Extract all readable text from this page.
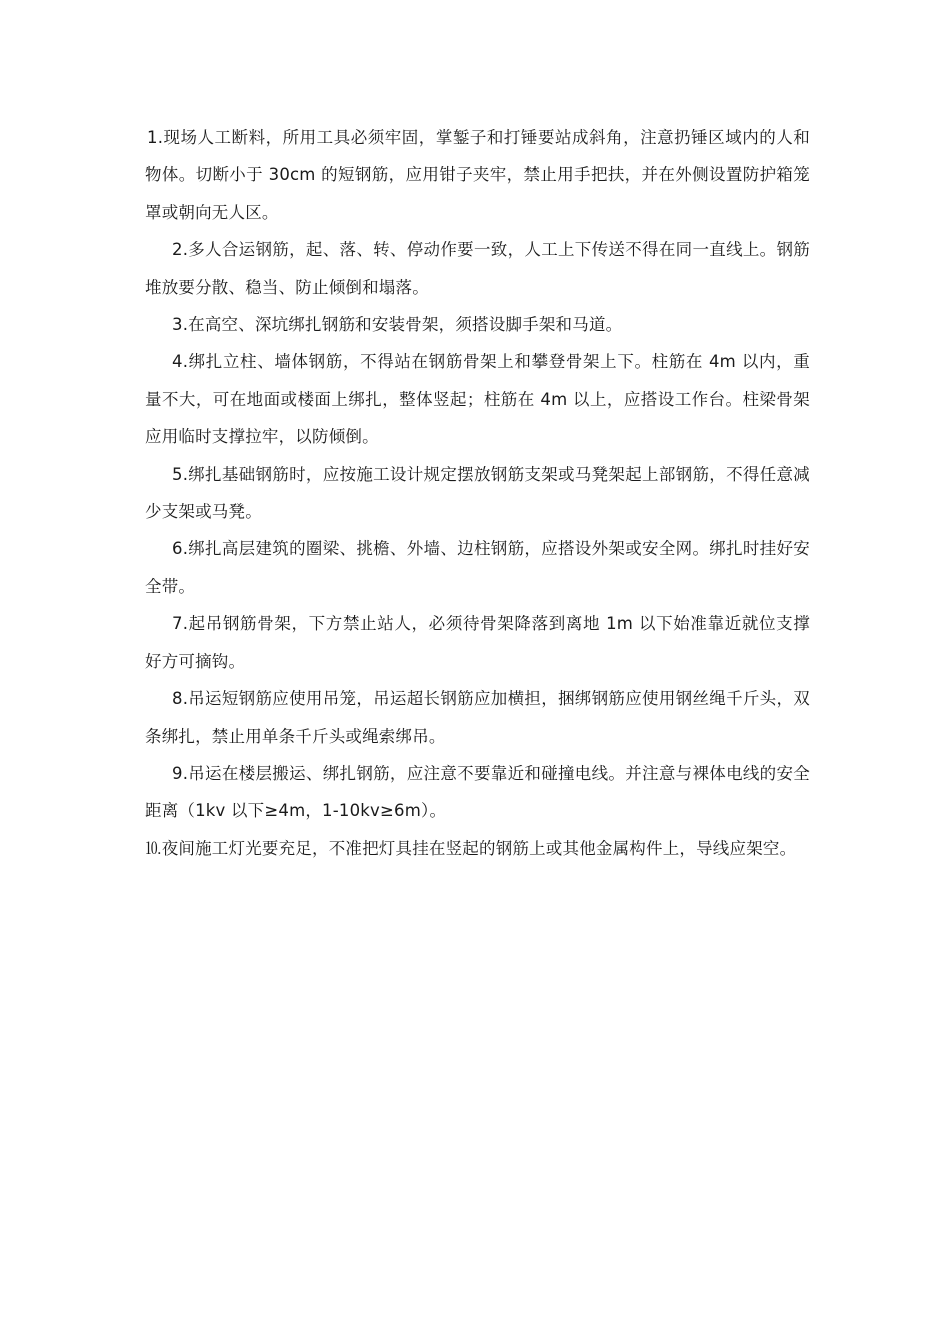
1.现场人工断料，所用工具必须牢固，掌錾子和打锤要站成斜角，注意扔锤区域内的人和物体。切断小于 30cm 的短钢筋，应用钳子夹牢，禁止用手把扶，并在外侧设置防护箱笼罩或朝向无人区。

2.多人合运钢筋，起、落、转、停动作要一致，人工上下传送不得在同一直线上。钢筋堆放要分散、稳当、防止倾倒和塌落。

3.在高空、深坑绑扎钢筋和安装骨架，须搭设脚手架和马道。

4.绑扎立柱、墙体钢筋，不得站在钢筋骨架上和攀登骨架上下。柱筋在 4m 以内，重量不大，可在地面或楼面上绑扎，整体竖起；柱筋在 4m 以上，应搭设工作台。柱梁骨架应用临时支撑拉牢，以防倾倒。

5.绑扎基础钢筋时，应按施工设计规定摆放钢筋支架或马凳架起上部钢筋，不得任意减少支架或马凳。

6.绑扎高层建筑的圈梁、挑檐、外墙、边柱钢筋，应搭设外架或安全网。绑扎时挂好安全带。

7.起吊钢筋骨架，下方禁止站人，必须待骨架降落到离地 1m 以下始准靠近就位支撑好方可摘钩。

8.吊运短钢筋应使用吊笼，吊运超长钢筋应加横担，捆绑钢筋应使用钢丝绳千斤头，双条绑扎，禁止用单条千斤头或绳索绑吊。

9.吊运在楼层搬运、绑扎钢筋，应注意不要靠近和碰撞电线。并注意与裸体电线的安全距离（1kv 以下≥4m，1-10kv≥6m）。

⒑夜间施工灯光要充足，不准把灯具挂在竖起的钢筋上或其他金属构件上，导线应架空。
